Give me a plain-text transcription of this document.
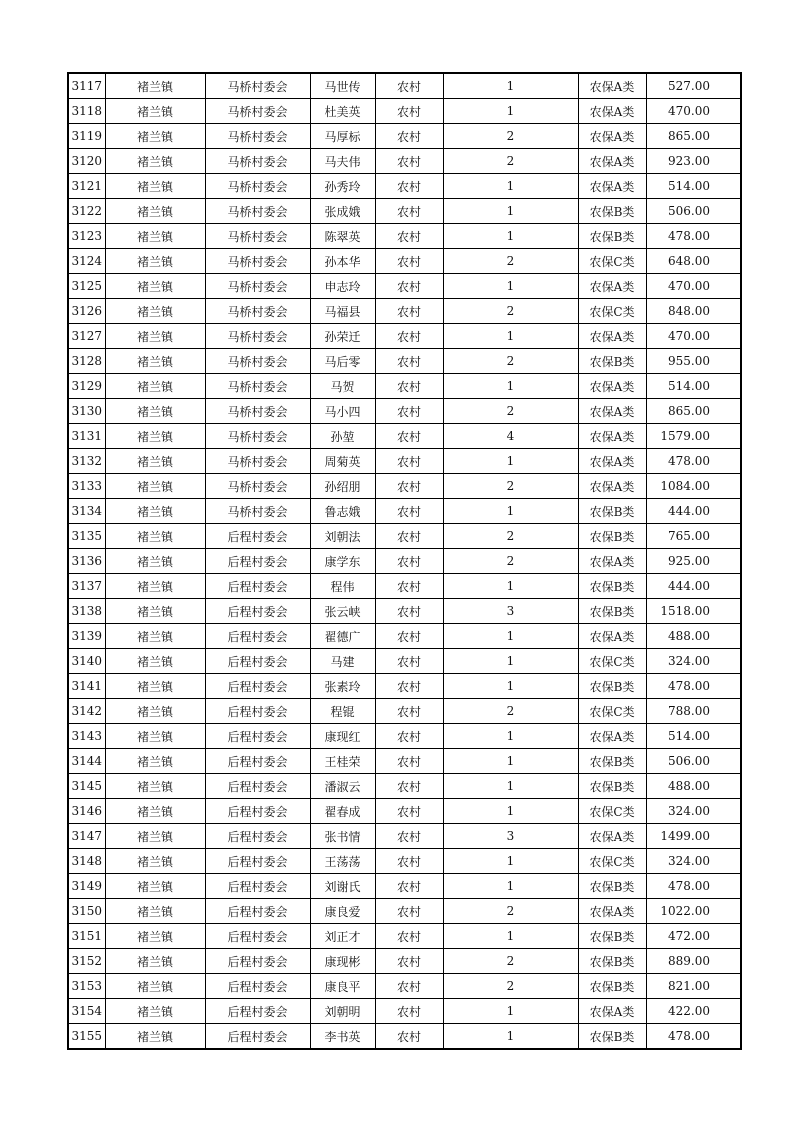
3117	褚兰镇	马桥村委会	马世传	农村	1	农保A类	527.00
3118	褚兰镇	马桥村委会	杜美英	农村	1	农保A类	470.00
3119	褚兰镇	马桥村委会	马厚标	农村	2	农保A类	865.00
3120	褚兰镇	马桥村委会	马夫伟	农村	2	农保A类	923.00
3121	褚兰镇	马桥村委会	孙秀玲	农村	1	农保A类	514.00
3122	褚兰镇	马桥村委会	张成娥	农村	1	农保B类	506.00
3123	褚兰镇	马桥村委会	陈翠英	农村	1	农保B类	478.00
3124	褚兰镇	马桥村委会	孙本华	农村	2	农保C类	648.00
3125	褚兰镇	马桥村委会	申志玲	农村	1	农保A类	470.00
3126	褚兰镇	马桥村委会	马福县	农村	2	农保C类	848.00
3127	褚兰镇	马桥村委会	孙荣迁	农村	1	农保A类	470.00
3128	褚兰镇	马桥村委会	马后零	农村	2	农保B类	955.00
3129	褚兰镇	马桥村委会	马贺	农村	1	农保A类	514.00
3130	褚兰镇	马桥村委会	马小四	农村	2	农保A类	865.00
3131	褚兰镇	马桥村委会	孙堃	农村	4	农保A类	1579.00
3132	褚兰镇	马桥村委会	周菊英	农村	1	农保A类	478.00
3133	褚兰镇	马桥村委会	孙绍朋	农村	2	农保A类	1084.00
3134	褚兰镇	马桥村委会	鲁志娥	农村	1	农保B类	444.00
3135	褚兰镇	后程村委会	刘朝法	农村	2	农保B类	765.00
3136	褚兰镇	后程村委会	康学东	农村	2	农保A类	925.00
3137	褚兰镇	后程村委会	程伟	农村	1	农保B类	444.00
3138	褚兰镇	后程村委会	张云峡	农村	3	农保B类	1518.00
3139	褚兰镇	后程村委会	翟德广	农村	1	农保A类	488.00
3140	褚兰镇	后程村委会	马建	农村	1	农保C类	324.00
3141	褚兰镇	后程村委会	张素玲	农村	1	农保B类	478.00
3142	褚兰镇	后程村委会	程锟	农村	2	农保C类	788.00
3143	褚兰镇	后程村委会	康现红	农村	1	农保A类	514.00
3144	褚兰镇	后程村委会	王桂荣	农村	1	农保B类	506.00
3145	褚兰镇	后程村委会	潘淑云	农村	1	农保B类	488.00
3146	褚兰镇	后程村委会	翟春成	农村	1	农保C类	324.00
3147	褚兰镇	后程村委会	张书情	农村	3	农保A类	1499.00
3148	褚兰镇	后程村委会	王荡荡	农村	1	农保C类	324.00
3149	褚兰镇	后程村委会	刘谢氏	农村	1	农保B类	478.00
3150	褚兰镇	后程村委会	康良爱	农村	2	农保A类	1022.00
3151	褚兰镇	后程村委会	刘正才	农村	1	农保B类	472.00
3152	褚兰镇	后程村委会	康现彬	农村	2	农保B类	889.00
3153	褚兰镇	后程村委会	康良平	农村	2	农保B类	821.00
3154	褚兰镇	后程村委会	刘朝明	农村	1	农保A类	422.00
3155	褚兰镇	后程村委会	李书英	农村	1	农保B类	478.00
